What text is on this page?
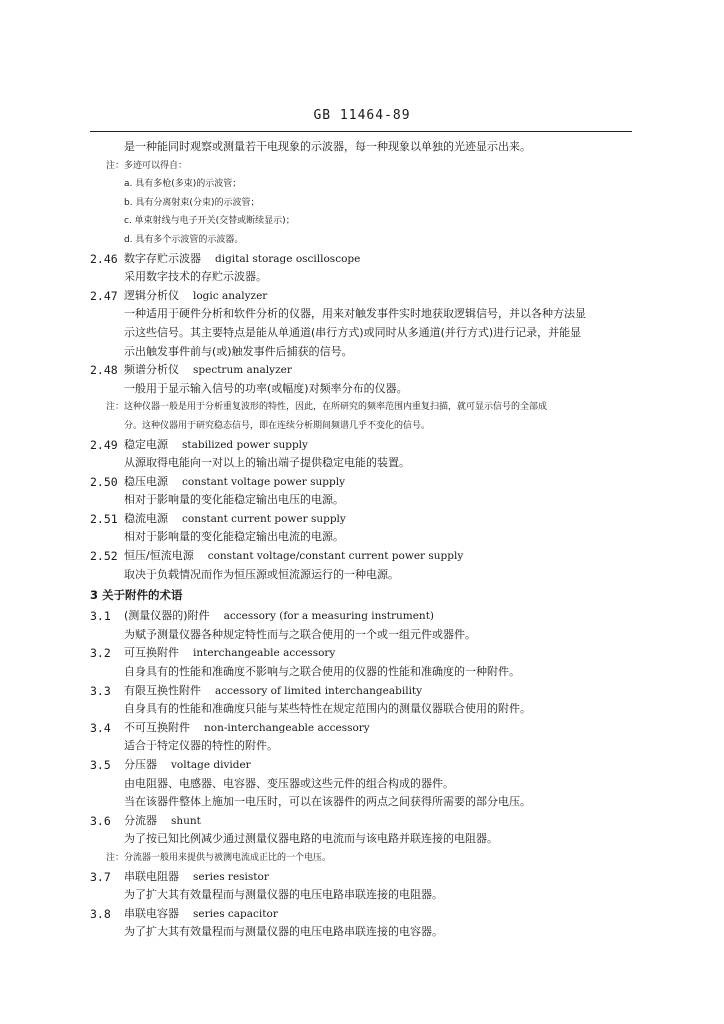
GB 11464-89
是一种能同时观察或测量若干电现象的示波器，每一种现象以单独的光迹显示出来。
注：多迹可以得自：
a. 具有多枪(多束)的示波管；
b. 具有分离射束(分束)的示波管；
c. 单束射线与电子开关(交替或断续显示)；
d. 具有多个示波管的示波器。
2.46 数字存贮示波器 digital storage oscilloscope
采用数字技术的存贮示波器。
2.47 逻辑分析仪 logic analyzer
一种适用于硬件分析和软件分析的仪器，用来对触发事件实时地获取逻辑信号，并以各种方法显
示这些信号。其主要特点是能从单通道(串行方式)或同时从多通道(并行方式)进行记录，并能显
示出触发事件前与(或)触发事件后捕获的信号。
2.48 频谱分析仪 spectrum analyzer
一般用于显示输入信号的功率(或幅度)对频率分布的仪器。
注：这种仪器一般是用于分析重复波形的特性，因此，在所研究的频率范围内重复扫描，就可显示信号的全部成
分。这种仪器用于研究稳态信号，即在连续分析期间频谱几乎不变化的信号。
2.49 稳定电源 stabilized power supply
从源取得电能向一对以上的输出端子提供稳定电能的装置。
2.50 稳压电源 constant voltage power supply
相对于影响量的变化能稳定输出电压的电源。
2.51 稳流电源 constant current power supply
相对于影响量的变化能稳定输出电流的电源。
2.52 恒压/恒流电源 constant voltage/constant current power supply
取决于负载情况而作为恒压源或恒流源运行的一种电源。
3 关于附件的术语
3.1 (测量仪器的)附件 accessory (for a measuring instrument)
为赋予测量仪器各种规定特性而与之联合使用的一个或一组元件或器件。
3.2 可互换附件 interchangeable accessory
自身具有的性能和准确度不影响与之联合使用的仪器的性能和准确度的一种附件。
3.3 有限互换性附件 accessory of limited interchangeability
自身具有的性能和准确度只能与某些特性在规定范围内的测量仪器联合使用的附件。
3.4 不可互换附件 non-interchangeable accessory
适合于特定仪器的特性的附件。
3.5 分压器 voltage divider
由电阻器、电感器、电容器、变压器或这些元件的组合构成的器件。
当在该器件整体上施加一电压时，可以在该器件的两点之间获得所需要的部分电压。
3.6 分流器 shunt
为了按已知比例减少通过测量仪器电路的电流而与该电路并联连接的电阻器。
注：分流器一般用来提供与被测电流成正比的一个电压。
3.7 串联电阻器 series resistor
为了扩大其有效量程而与测量仪器的电压电路串联连接的电阻器。
3.8 串联电容器 series capacitor
为了扩大其有效量程而与测量仪器的电压电路串联连接的电容器。
